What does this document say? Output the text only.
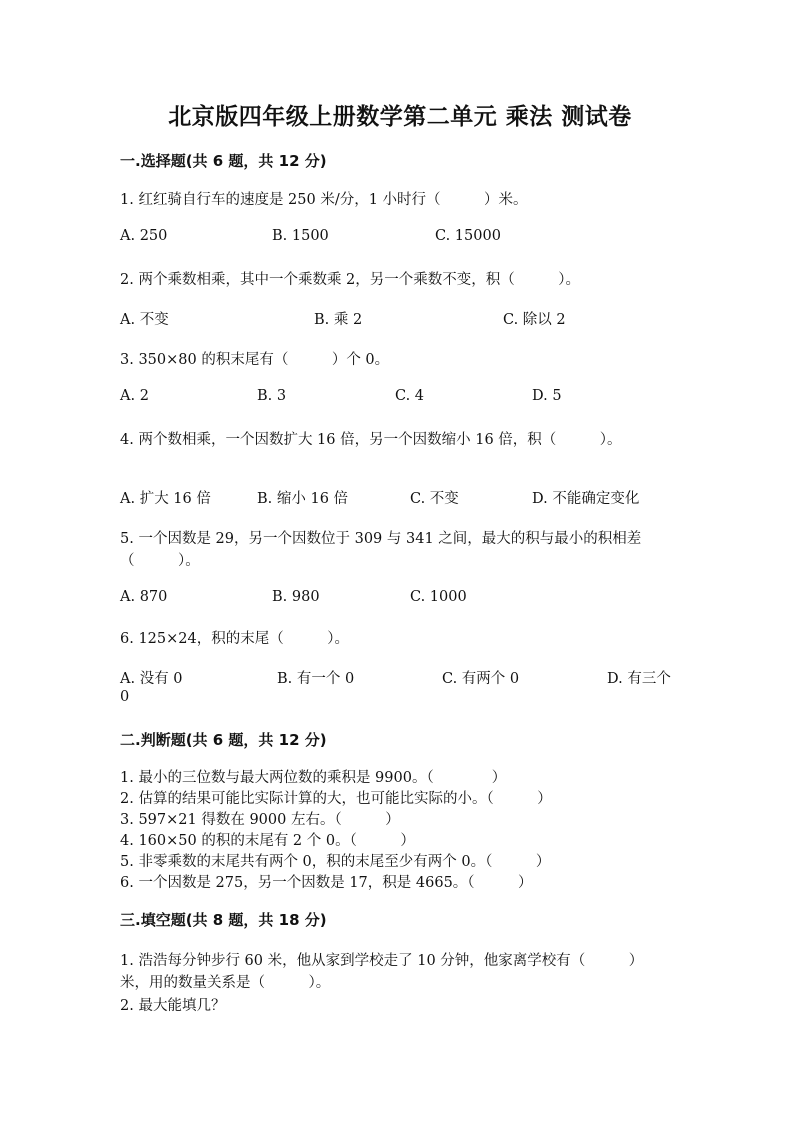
北京版四年级上册数学第二单元 乘法 测试卷
一.选择题(共 6 题，共 12 分)
1. 红红骑自行车的速度是 250 米/分，1 小时行（　　　）米。
A. 250	B. 1500	C. 15000
2. 两个乘数相乘，其中一个乘数乘 2，另一个乘数不变，积（　　　）。
A. 不变	B. 乘 2	C. 除以 2
3. 350×80 的积末尾有（　　　）个 0。
A. 2	B. 3	C. 4	D. 5
4. 两个数相乘，一个因数扩大 16 倍，另一个因数缩小 16 倍，积（　　　）。
A. 扩大 16 倍	B. 缩小 16 倍	C. 不变	D. 不能确定变化
5. 一个因数是 29，另一个因数位于 309 与 341 之间，最大的积与最小的积相差
（　　　）。
A. 870	B. 980	C. 1000
6. 125×24，积的末尾（　　　）。
A. 没有 0	B. 有一个 0	C. 有两个 0	D. 有三个
0
二.判断题(共 6 题，共 12 分)
1. 最小的三位数与最大两位数的乘积是 9900。（　　　　）
2. 估算的结果可能比实际计算的大，也可能比实际的小。（　　　）
3. 597×21 得数在 9000 左右。（　　　）
4. 160×50 的积的末尾有 2 个 0。（　　　）
5. 非零乘数的末尾共有两个 0，积的末尾至少有两个 0。（　　　）
6. 一个因数是 275，另一个因数是 17，积是 4665。（　　　）
三.填空题(共 8 题，共 18 分)
1. 浩浩每分钟步行 60 米，他从家到学校走了 10 分钟，他家离学校有（　　　）
米，用的数量关系是（　　　）。
2. 最大能填几？
